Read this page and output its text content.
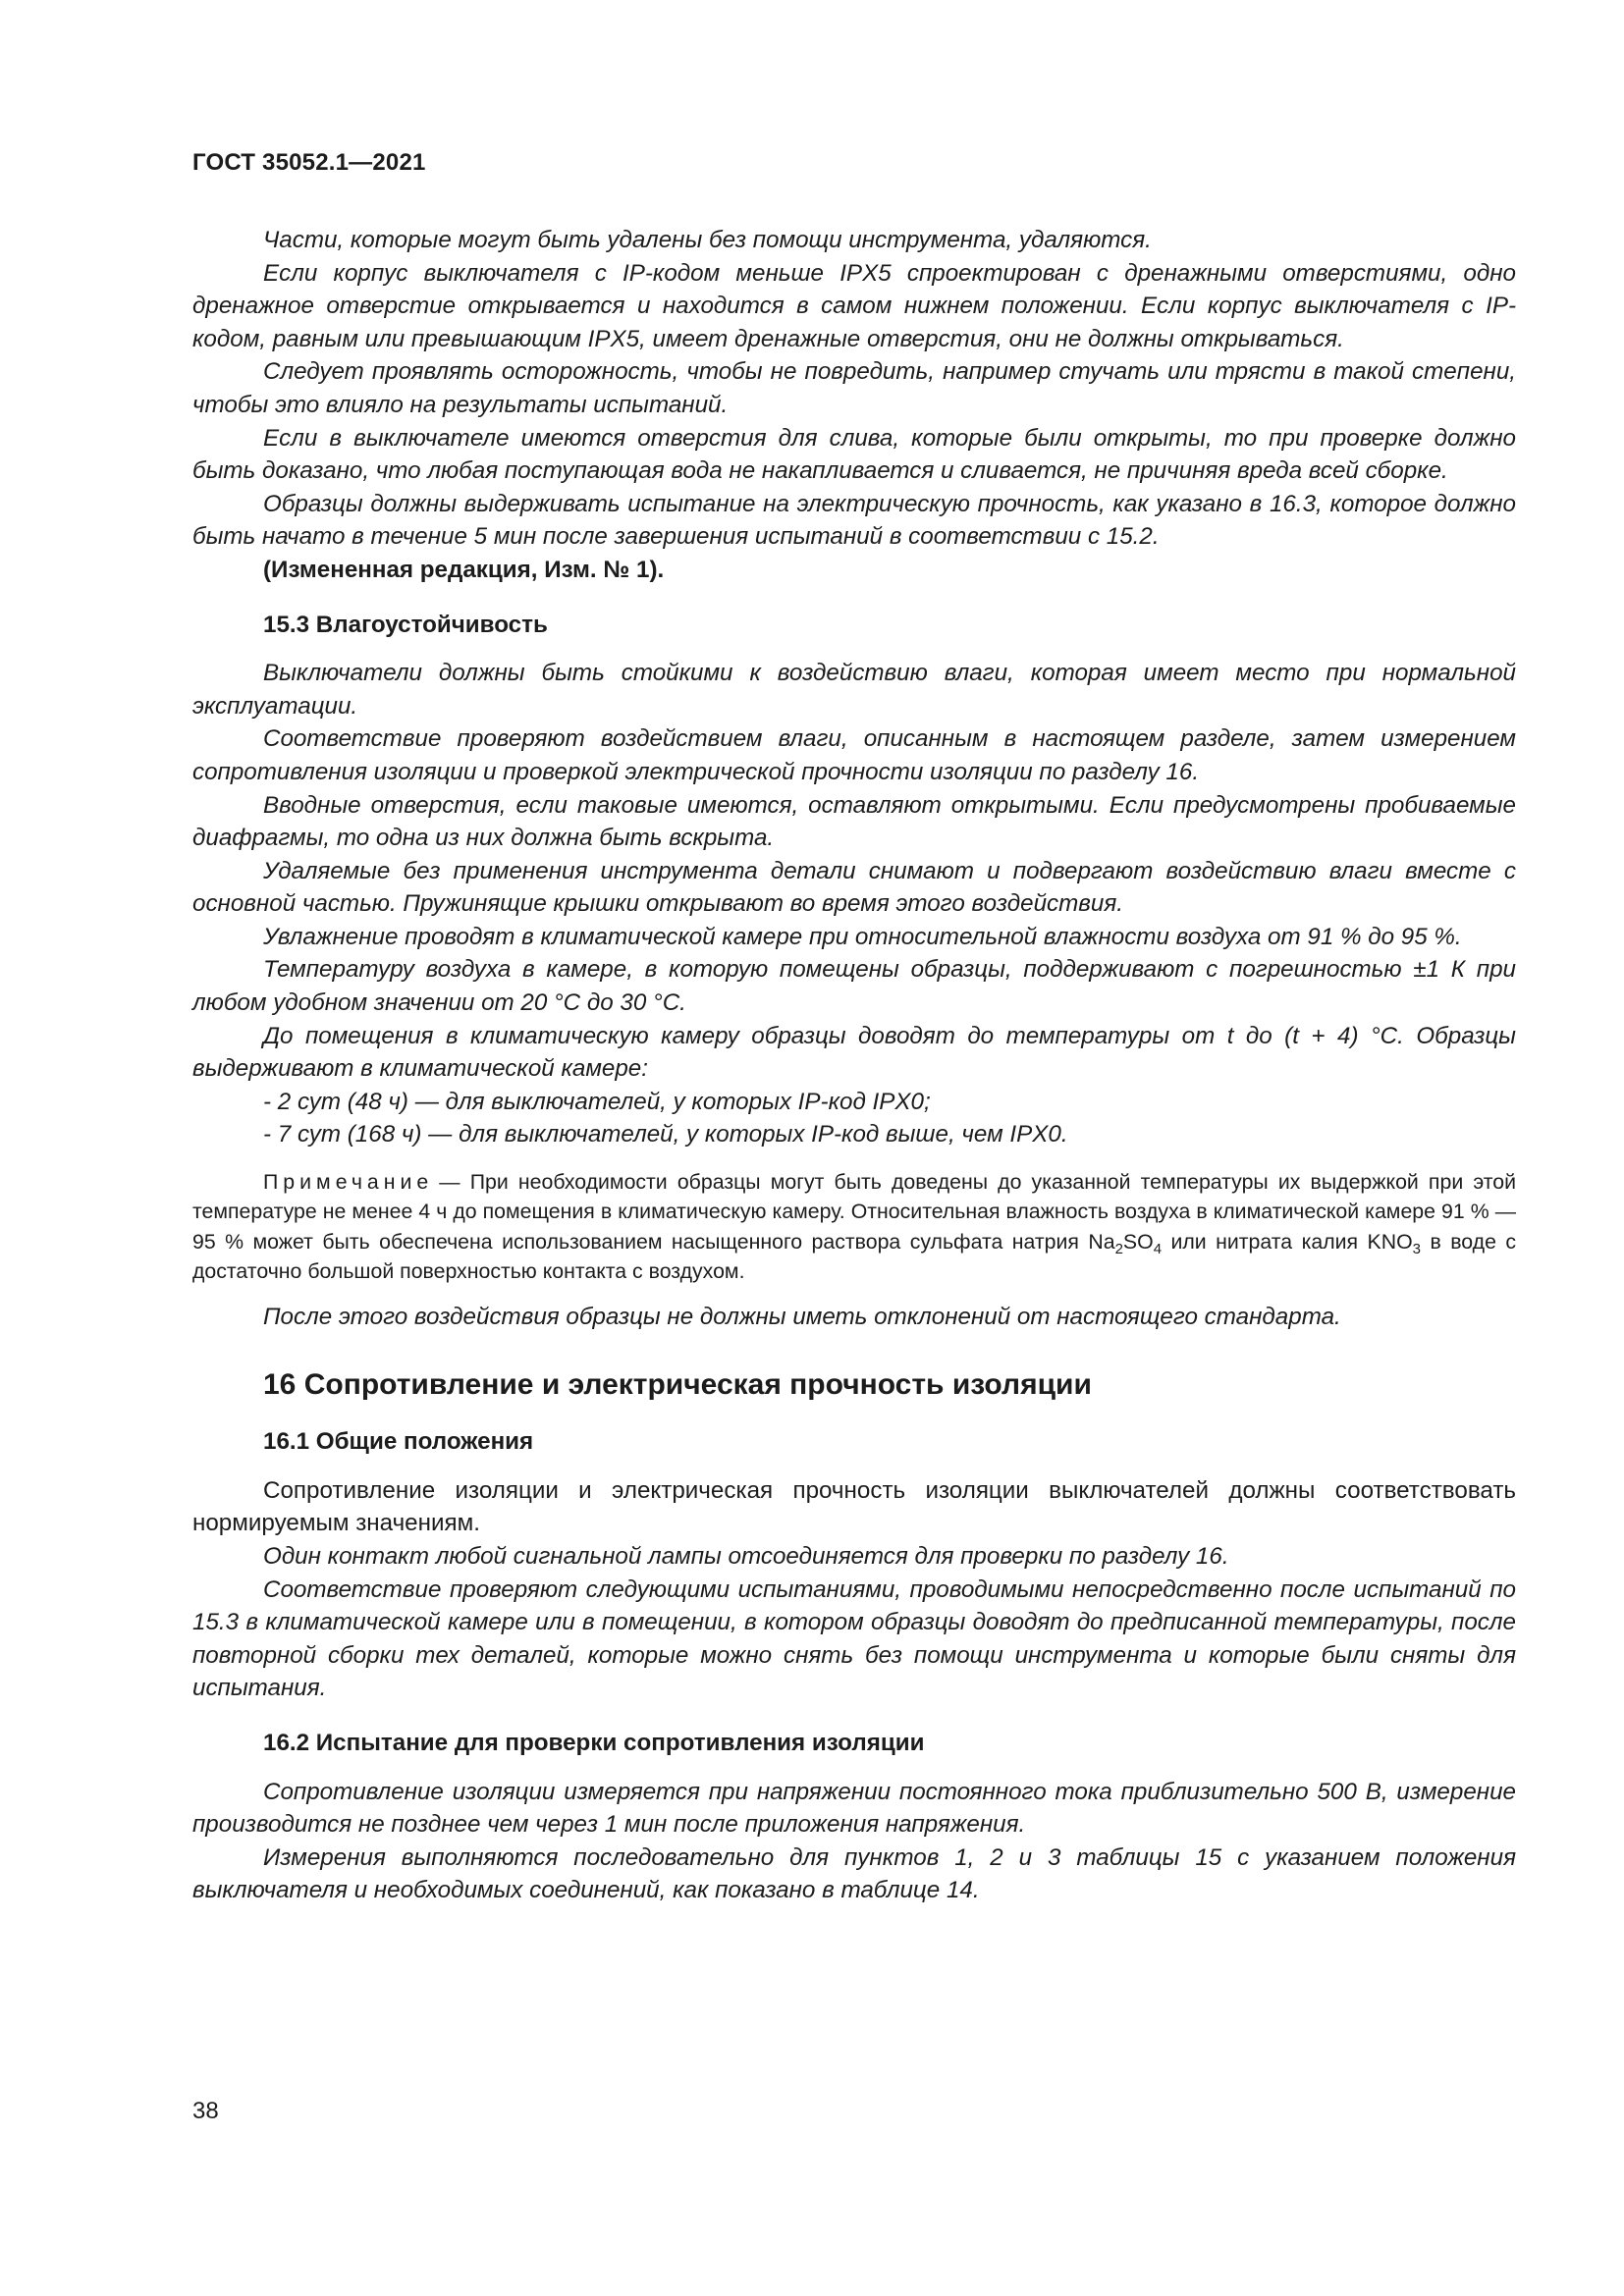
ГОСТ 35052.1—2021

Части, которые могут быть удалены без помощи инструмента, удаляются.

Если корпус выключателя с IP-кодом меньше IPX5 спроектирован с дренажными отверстиями, одно дренажное отверстие открывается и находится в самом нижнем положении. Если корпус выключателя с IP-кодом, равным или превышающим IPX5, имеет дренажные отверстия, они не должны открываться.

Следует проявлять осторожность, чтобы не повредить, например стучать или трясти в такой степени, чтобы это влияло на результаты испытаний.

Если в выключателе имеются отверстия для слива, которые были открыты, то при проверке должно быть доказано, что любая поступающая вода не накапливается и сливается, не причиняя вреда всей сборке.

Образцы должны выдерживать испытание на электрическую прочность, как указано в 16.3, которое должно быть начато в течение 5 мин после завершения испытаний в соответствии с 15.2.

(Измененная редакция, Изм. № 1).

15.3 Влагоустойчивость

Выключатели должны быть стойкими к воздействию влаги, которая имеет место при нормальной эксплуатации.

Соответствие проверяют воздействием влаги, описанным в настоящем разделе, затем измерением сопротивления изоляции и проверкой электрической прочности изоляции по разделу 16.

Вводные отверстия, если таковые имеются, оставляют открытыми. Если предусмотрены пробиваемые диафрагмы, то одна из них должна быть вскрыта.

Удаляемые без применения инструмента детали снимают и подвергают воздействию влаги вместе с основной частью. Пружинящие крышки открывают во время этого воздействия.

Увлажнение проводят в климатической камере при относительной влажности воздуха от 91 % до 95 %.

Температуру воздуха в камере, в которую помещены образцы, поддерживают с погрешностью ±1 К при любом удобном значении от 20 °С до 30 °С.

До помещения в климатическую камеру образцы доводят до температуры от t до (t + 4) °С. Образцы выдерживают в климатической камере:

- 2 сут (48 ч) — для выключателей, у которых IP-код IPX0;

- 7 сут (168 ч) — для выключателей, у которых IP-код выше, чем IPX0.

Примечание — При необходимости образцы могут быть доведены до указанной температуры их выдержкой при этой температуре не менее 4 ч до помещения в климатическую камеру. Относительная влажность воздуха в климатической камере 91 % — 95 % может быть обеспечена использованием насыщенного раствора сульфата натрия $Na_2SO_4$ или нитрата калия $KNO_3$ в воде с достаточно большой поверхностью контакта с воздухом.

После этого воздействия образцы не должны иметь отклонений от настоящего стандарта.

16 Сопротивление и электрическая прочность изоляции
16.1 Общие положения

Сопротивление изоляции и электрическая прочность изоляции выключателей должны соответствовать нормируемым значениям.

Один контакт любой сигнальной лампы отсоединяется для проверки по разделу 16.

Соответствие проверяют следующими испытаниями, проводимыми непосредственно после испытаний по 15.3 в климатической камере или в помещении, в котором образцы доводят до предписанной температуры, после повторной сборки тех деталей, которые можно снять без помощи инструмента и которые были сняты для испытания.

16.2 Испытание для проверки сопротивления изоляции

Сопротивление изоляции измеряется при напряжении постоянного тока приблизительно 500 В, измерение производится не позднее чем через 1 мин после приложения напряжения.

Измерения выполняются последовательно для пунктов 1, 2 и 3 таблицы 15 с указанием положения выключателя и необходимых соединений, как показано в таблице 14.

38
